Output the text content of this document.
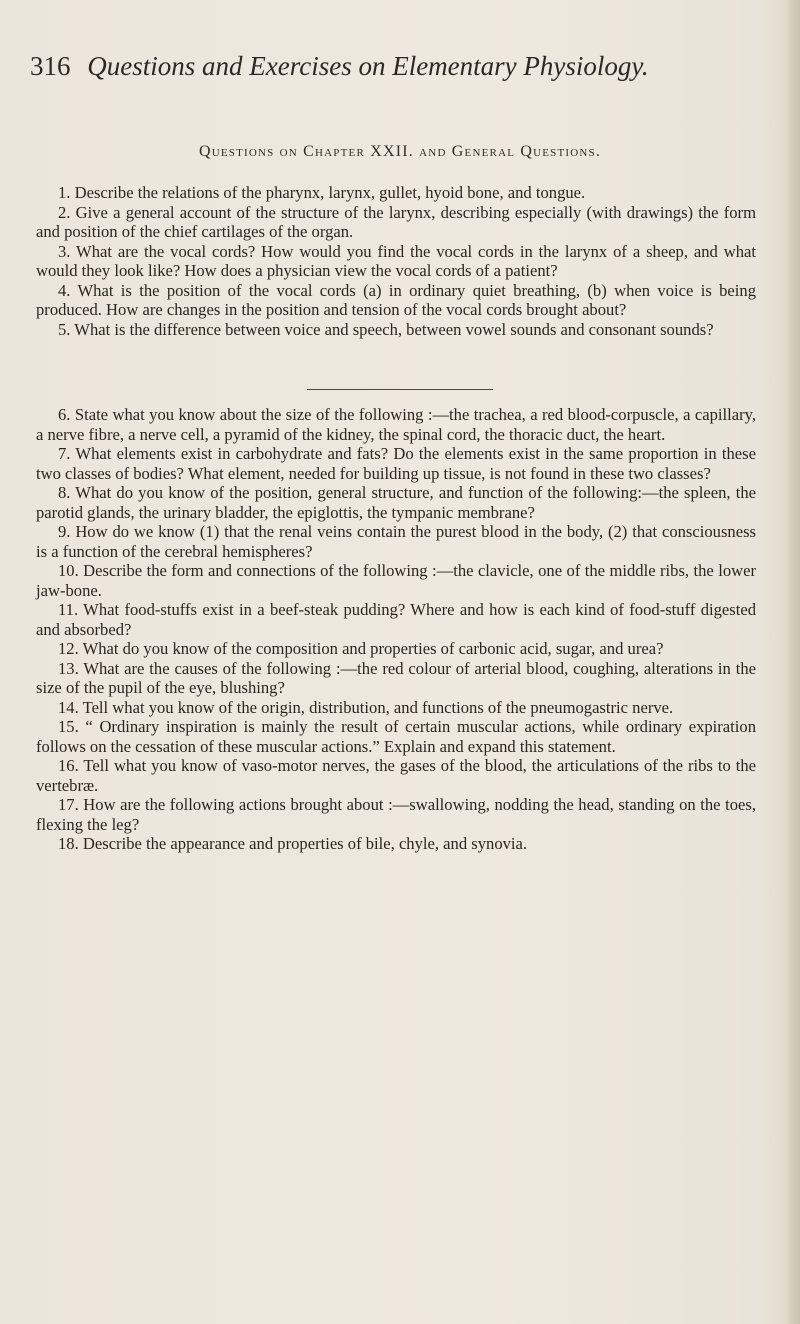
316 Questions and Exercises on Elementary Physiology.
Questions on Chapter XXII. and General Questions.

1. Describe the relations of the pharynx, larynx, gullet, hyoid bone, and tongue.

2. Give a general account of the structure of the larynx, describing especially (with drawings) the form and position of the chief cartilages of the organ.

3. What are the vocal cords? How would you find the vocal cords in the larynx of a sheep, and what would they look like? How does a physician view the vocal cords of a patient?

4. What is the position of the vocal cords (a) in ordinary quiet breathing, (b) when voice is being produced. How are changes in the position and tension of the vocal cords brought about?

5. What is the difference between voice and speech, between vowel sounds and consonant sounds?

6. State what you know about the size of the following :—the trachea, a red blood-corpuscle, a capillary, a nerve fibre, a nerve cell, a pyramid of the kidney, the spinal cord, the thoracic duct, the heart.

7. What elements exist in carbohydrate and fats? Do the elements exist in the same proportion in these two classes of bodies? What element, needed for building up tissue, is not found in these two classes?

8. What do you know of the position, general structure, and function of the following:—the spleen, the parotid glands, the urinary bladder, the epiglottis, the tympanic membrane?

9. How do we know (1) that the renal veins contain the purest blood in the body, (2) that consciousness is a function of the cerebral hemispheres?

10. Describe the form and connections of the following :—the clavicle, one of the middle ribs, the lower jaw-bone.

11. What food-stuffs exist in a beef-steak pudding? Where and how is each kind of food-stuff digested and absorbed?

12. What do you know of the composition and properties of carbonic acid, sugar, and urea?

13. What are the causes of the following :—the red colour of arterial blood, coughing, alterations in the size of the pupil of the eye, blushing?

14. Tell what you know of the origin, distribution, and functions of the pneumogastric nerve.

15. “ Ordinary inspiration is mainly the result of certain muscular actions, while ordinary expiration follows on the cessation of these muscular actions.” Explain and expand this statement.

16. Tell what you know of vaso-motor nerves, the gases of the blood, the articulations of the ribs to the vertebræ.

17. How are the following actions brought about :—swallowing, nodding the head, standing on the toes, flexing the leg?

18. Describe the appearance and properties of bile, chyle, and synovia.
